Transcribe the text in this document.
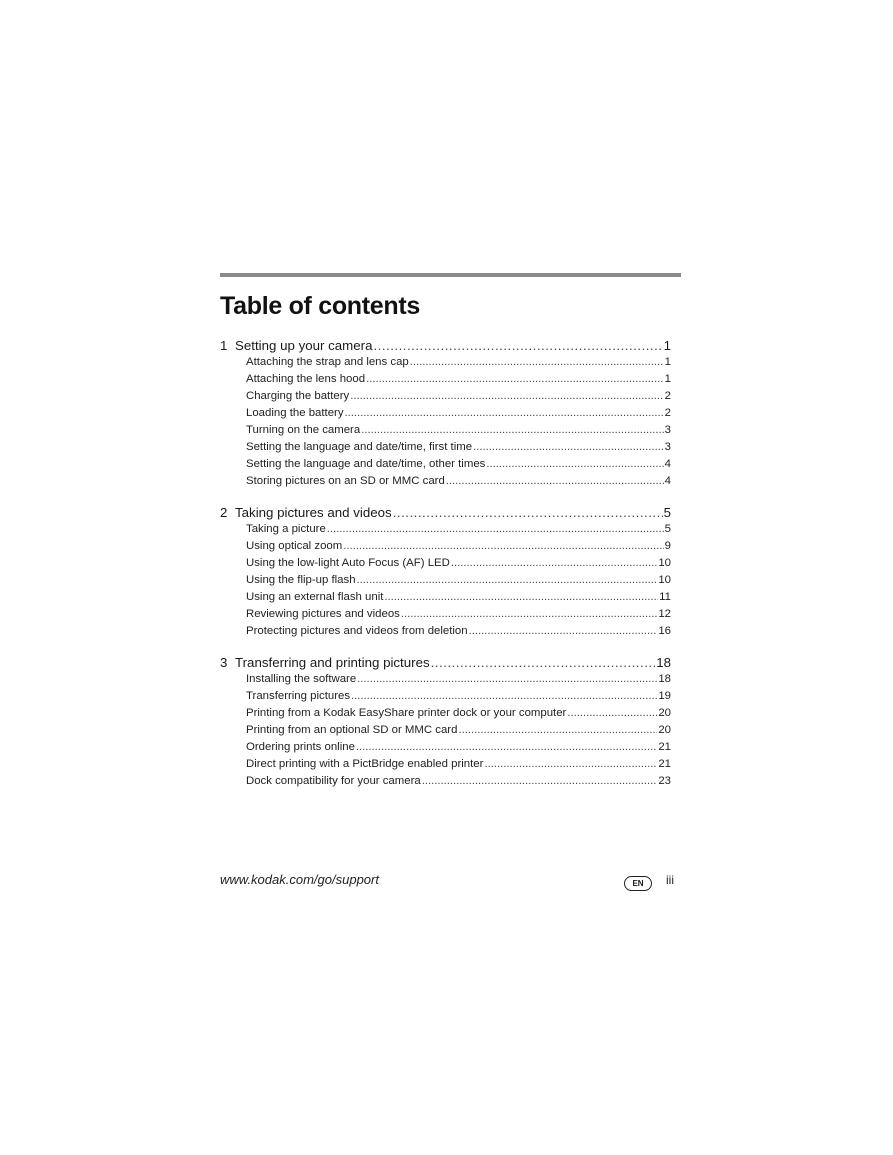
Table of contents
1 Setting up your camera . . .	1
Attaching the strap and lens cap . . .	1
Attaching the lens hood . . .	1
Charging the battery . . .	2
Loading the battery . . .	2
Turning on the camera . . .	3
Setting the language and date/time, first time . . .	3
Setting the language and date/time, other times . . .	4
Storing pictures on an SD or MMC card . . .	4
2 Taking pictures and videos . . .	5
Taking a picture . . .	5
Using optical zoom . . .	9
Using the low-light Auto Focus (AF) LED . . .	10
Using the flip-up flash . . .	10
Using an external flash unit . . .	11
Reviewing pictures and videos . . .	12
Protecting pictures and videos from deletion . . .	16
3 Transferring and printing pictures . . .	18
Installing the software . . .	18
Transferring pictures . . .	19
Printing from a Kodak EasyShare printer dock or your computer . . .	20
Printing from an optional SD or MMC card . . .	20
Ordering prints online . . .	21
Direct printing with a PictBridge enabled printer . . .	21
Dock compatibility for your camera . . .	23
www.kodak.com/go/support	EN	iii
